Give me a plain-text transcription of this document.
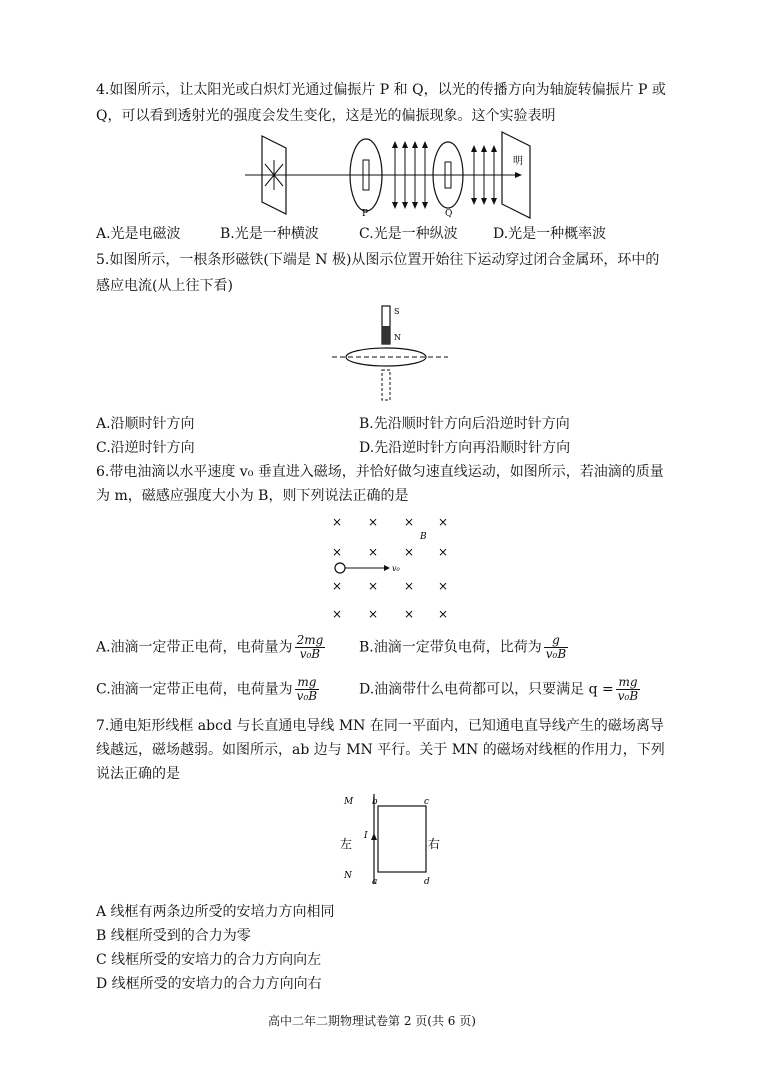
4.如图所示，让太阳光或白炽灯光通过偏振片 P 和 Q，以光的传播方向为轴旋转偏振片 P 或
Q，可以看到透射光的强度会发生变化，这是光的偏振现象。这个实验表明
P	Q
明
A.光是电磁波	B.光是一种横波	C.光是一种纵波	D.光是一种概率波
5.如图所示，一根条形磁铁(下端是 N 极)从图示位置开始往下运动穿过闭合金属环，环中的
感应电流(从上往下看)
S
N
A.沿顺时针方向	B.先沿顺时针方向后沿逆时针方向
C.沿逆时针方向	D.先沿逆时针方向再沿顺时针方向
6.带电油滴以水平速度 v₀ 垂直进入磁场，并恰好做匀速直线运动，如图所示，若油滴的质量
为 m，磁感应强度大小为 B，则下列说法正确的是
× × × ×
× × × ×
× × × ×
× × × ×
B
v₀
A.油滴一定带正电荷，电荷量为 $\frac{2mg}{\text{v₀B}} B$.油滴一定带负电荷，比荷为 $\frac{g}{\text{v₀B}}$
C.油滴一定带正电荷，电荷量为 $\frac{mg}{\text{v₀B}}$	D.油滴带什么电荷都可以，只要满足 $q = \frac{mg}{\text{v₀B}}$
7.通电矩形线框 abcd 与长直通电导线 MN 在同一平面内，已知通电直导线产生的磁场离导
线越远，磁场越弱。如图所示，ab 边与 MN 平行。关于 MN 的磁场对线框的作用力，下列
说法正确的是
M
N
I
左
b	c
a	d
右
A 线框有两条边所受的安培力方向相同
B 线框所受到的合力为零
C 线框所受的安培力的合力方向向左
D 线框所受的安培力的合力方向向右
高中二年二期物理试卷第 2 页(共 6 页)
